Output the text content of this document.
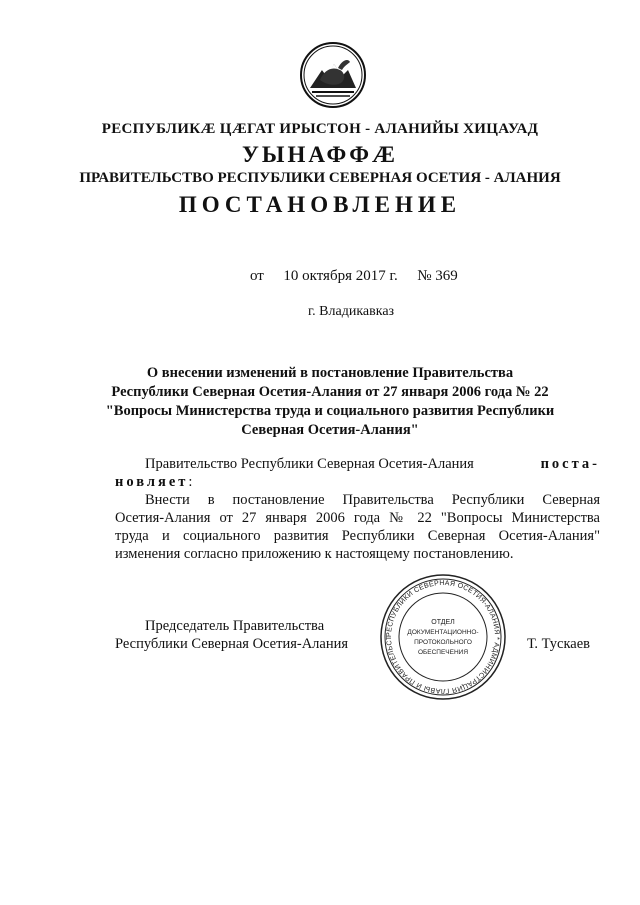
РЕСПУБЛИКÆ ЦÆГАТ ИРЫСТОН - АЛАНИЙЫ ХИЦАУАД
УЫНАФФÆ
ПРАВИТЕЛЬСТВО РЕСПУБЛИКИ СЕВЕРНАЯ ОСЕТИЯ - АЛАНИЯ
ПОСТАНОВЛЕНИЕ
от 10 октября 2017 г. № 369
г. Владикавказ
О внесении изменений в постановление Правительства
Республики Северная Осетия-Алания от 27 января 2006 года № 22
"Вопросы Министерства труда и социального развития Республики
Северная Осетия-Алания"
Правительство Республики Северная Осетия-Алания	поста-
новляет:
Внести в постановление Правительства Республики Северная
Осетия-Алания от 27 января 2006 года № 22 "Вопросы Министерства
труда и социального развития Республики Северная Осетия-Алания"
изменения согласно приложению к настоящему постановлению.
Председатель Правительства
Республики Северная Осетия-Алания	Т. Тускаев
РЕСПУБЛИКИ СЕВЕРНАЯ ОСЕТИЯ-АЛАНИЯ * АДМИНИСТРАЦИЯ ГЛАВЫ И ПРАВИТЕЛЬСТ
ОТДЕЛ
ДОКУМЕНТАЦИОННО-
ПРОТОКОЛЬНОГО
ОБЕСПЕЧЕНИЯ
